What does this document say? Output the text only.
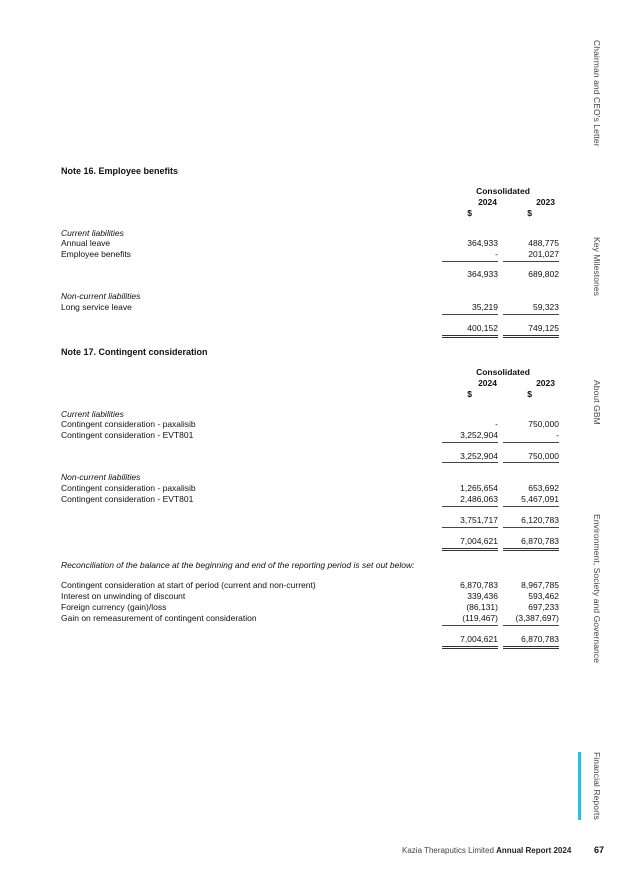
Chairman and CEO's Letter
Key Milestones
About GBM
Environment, Society and Governance
Financial Reports
Note 16. Employee benefits
Consolidated
2024	2023
$	$
Current liabilities
Annual leave	364,933	488,775
Employee benefits	-	201,027
364,933	689,802
Non-current liabilities
Long service leave	35,219	59,323
400,152	749,125
Note 17. Contingent consideration
Consolidated
2024	2023
$	$
Current liabilities
Contingent consideration - paxalisib	-	750,000
Contingent consideration - EVT801	3,252,904	-
3,252,904	750,000
Non-current liabilities
Contingent consideration - paxalisib	1,265,654	653,692
Contingent consideration - EVT801	2,486,063	5,467,091
3,751,717	6,120,783
7,004,621	6,870,783
Reconciliation of the balance at the beginning and end of the reporting period is set out below:
Contingent consideration at start of period (current and non-current)	6,870,783	8,967,785
Interest on unwinding of discount	339,436	593,462
Foreign currency (gain)/loss	(86,131)	697,233
Gain on remeasurement of contingent consideration	(119,467)	(3,387,697)
7,004,621	6,870,783
Kazia Theraputics Limited Annual Report 2024	67
